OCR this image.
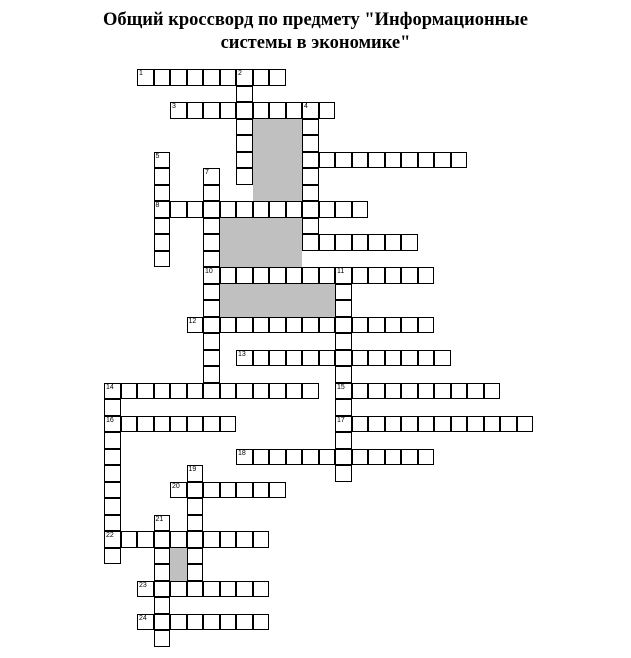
Общий кроссворд по предмету "Информационные
системы в экономике"
1	2
3	4
5
8
7
10	11
15
17
12
13
14
16
22
18
19
20
21
23
24
